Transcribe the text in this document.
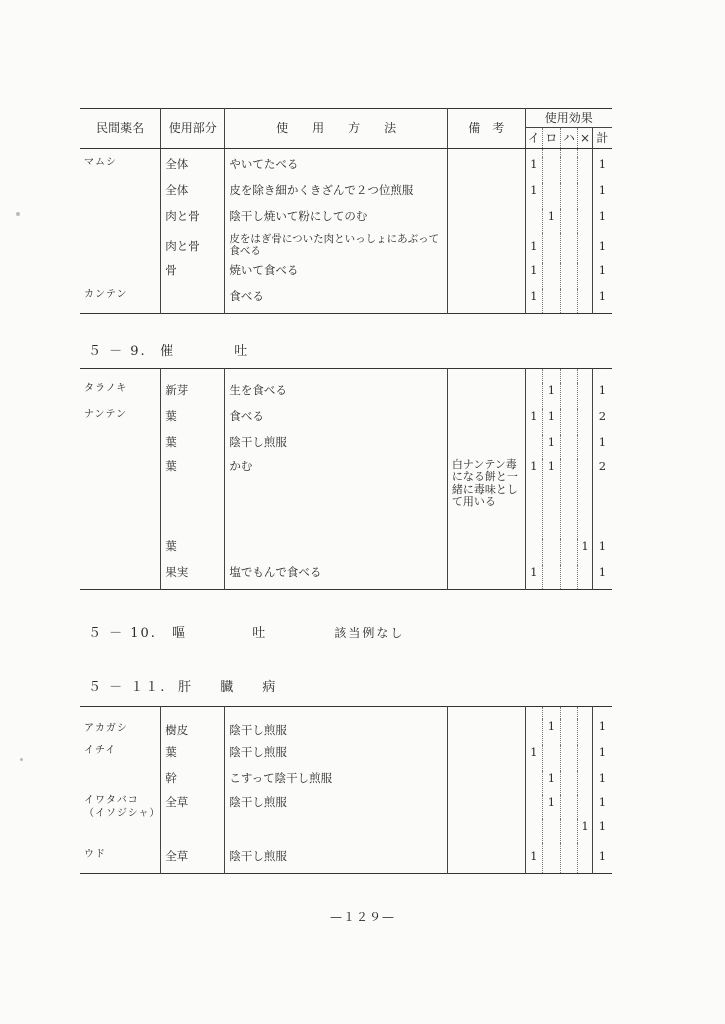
民間薬名	使用部分	使　　用　　方　　法	備　考	使用効果				
				イ	ロ	ハ	×	計

マムシ	全体	やいてたべる		1				1
	全体	皮を除き細かくきざんで２つ位煎服		1				1
	肉と骨	陰干し焼いて粉にしてのむ			1			1
	肉と骨	皮をはぎ骨についた肉といっしょにあぶって食べる		1				1
	骨	焼いて食べる		1				1
カンテン		食べる		1				1
５ － 9. 催	吐

タラノキ	新芽	生を食べる			1			1
ナンテン	葉	食べる		1	1			2
	葉	陰干し煎服			1			1
	葉	かむ	白ナンテン毒になる餅と一緒に毒味として用いる	1	1			2
	葉						1	1
	果実	塩でもんで食べる		1				1
５ － 10. 嘔	吐	該当例なし
５ － １１. 肝 臓 病

アカガシ	樹皮	陰干し煎服			1			1
イチイ	葉	陰干し煎服		1				1
	幹	こすって陰干し煎服			1			1
イワタバコ
（イソジシャ）	全草	陰干し煎服			1			1
							1	1
ウド	全草	陰干し煎服		1				1
—１２９—
